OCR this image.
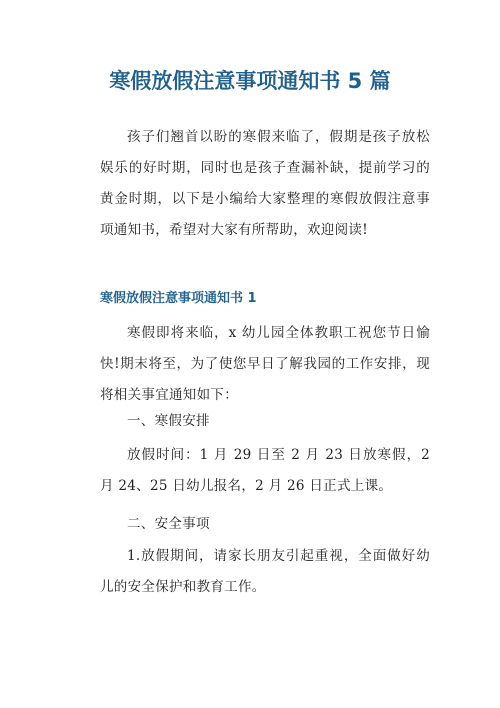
寒假放假注意事项通知书 5 篇

孩子们翘首以盼的寒假来临了，假期是孩子放松娱乐的好时期，同时也是孩子查漏补缺，提前学习的黄金时期，以下是小编给大家整理的寒假放假注意事项通知书，希望对大家有所帮助，欢迎阅读!

寒假放假注意事项通知书 1

寒假即将来临，x 幼儿园全体教职工祝您节日愉快!期末将至，为了使您早日了解我园的工作安排，现将相关事宜通知如下：

一、寒假安排

放假时间：1 月 29 日至 2 月 23 日放寒假，2 月 24、25 日幼儿报名，2 月 26 日正式上课。

二、安全事项

1.放假期间，请家长朋友引起重视，全面做好幼儿的安全保护和教育工作。
